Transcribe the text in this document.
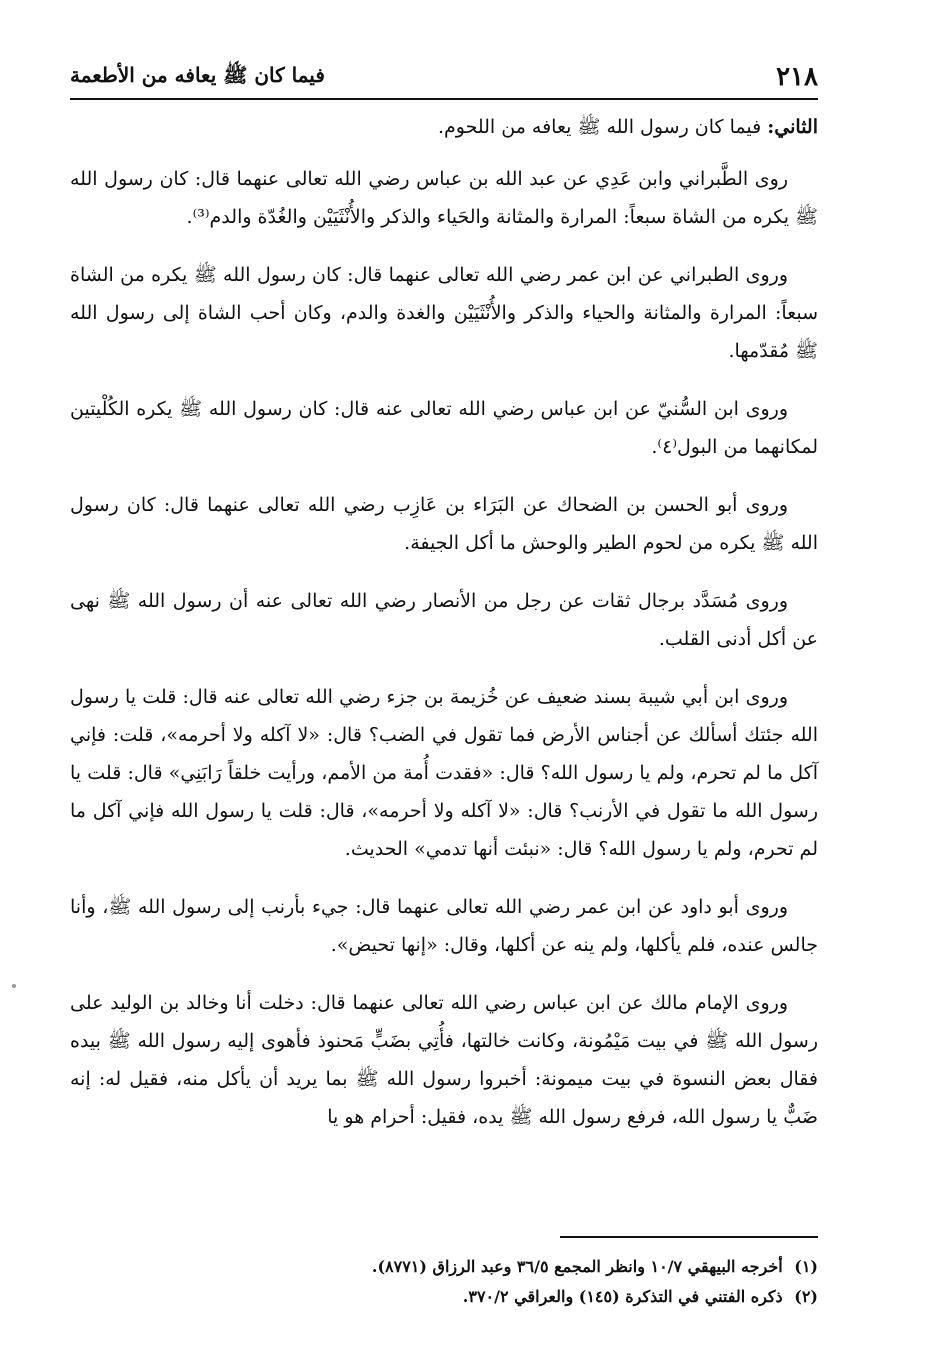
٢١٨
فيما كان ﷺ يعافه من الأطعمة

الثاني: فيما كان رسول الله ﷺ يعافه من اللحوم.

روى الطَّبراني وابن عَدِي عن عبد الله بن عباس رضي الله تعالى عنهما قال: كان رسول الله ﷺ يكره من الشاة سبعاً: المرارة والمثانة والحَياء والذكر والأُنْثَيَيْن والغُدّة والدم⁽³⁾.

وروى الطبراني عن ابن عمر رضي الله تعالى عنهما قال: كان رسول الله ﷺ يكره من الشاة سبعاً: المرارة والمثانة والحياء والذكر والأُنْثَيَيْن والغدة والدم، وكان أحب الشاة إلى رسول الله ﷺ مُقدّمها.

وروى ابن السُّنيّ عن ابن عباس رضي الله تعالى عنه قال: كان رسول الله ﷺ يكره الكُلْيتين لمكانهما من البول⁽٤⁾.

وروى أبو الحسن بن الضحاك عن البَرَاء بن عَازِب رضي الله تعالى عنهما قال: كان رسول الله ﷺ يكره من لحوم الطير والوحش ما أكل الجيفة.

وروى مُسَدَّد برجال ثقات عن رجل من الأنصار رضي الله تعالى عنه أن رسول الله ﷺ نهى عن أكل أدنى القلب.

وروى ابن أبي شيبة بسند ضعيف عن خُزيمة بن جزء رضي الله تعالى عنه قال: قلت يا رسول الله جئتك أسألك عن أجناس الأرض فما تقول في الضب؟ قال: «لا آكله ولا أحرمه»، قلت: فإني آكل ما لم تحرم، ولم يا رسول الله؟ قال: «فقدت أُمة من الأمم، ورأيت خلقاً رَابَنِي» قال: قلت يا رسول الله ما تقول في الأرنب؟ قال: «لا آكله ولا أحرمه»، قال: قلت يا رسول الله فإني آكل ما لم تحرم، ولم يا رسول الله؟ قال: «نبئت أنها تدمي» الحديث.

وروى أبو داود عن ابن عمر رضي الله تعالى عنهما قال: جيء بأرنب إلى رسول الله ﷺ، وأنا جالس عنده، فلم يأكلها، ولم ينه عن أكلها، وقال: «إنها تحيض».

وروى الإمام مالك عن ابن عباس رضي الله تعالى عنهما قال: دخلت أنا وخالد بن الوليد على رسول الله ﷺ في بيت مَيْمُونة، وكانت خالتها، فأُتِي بضَبٍّ مَحنوذ فأهوى إليه رسول الله ﷺ بيده فقال بعض النسوة في بيت ميمونة: أخبروا رسول الله ﷺ بما يريد أن يأكل منه، فقيل له: إنه ضَبٌّ يا رسول الله، فرفع رسول الله ﷺ يده، فقيل: أحرام هو يا

(١) أخرجه البيهقي ١٠/٧ وانظر المجمع ٣٦/٥ وعبد الرزاق (٨٧٧١).

(٢) ذكره الفتني في التذكرة (١٤٥) والعراقي ٣٧٠/٢.
